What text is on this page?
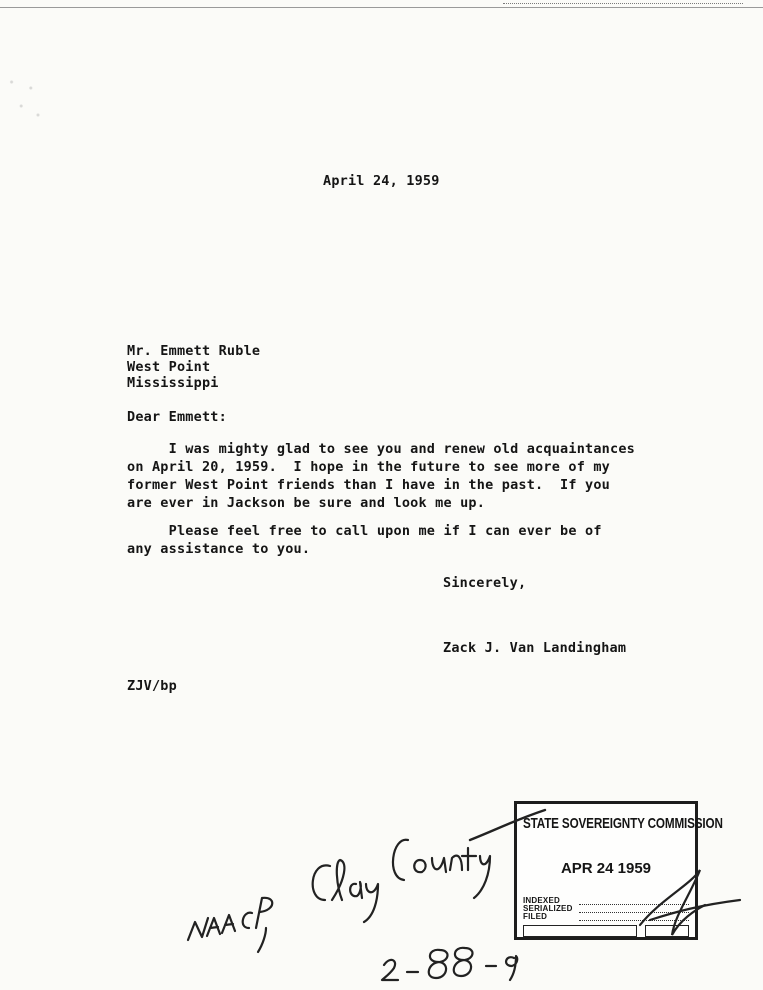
April 24, 1959
Mr. Emmett Ruble
West Point
Mississippi
Dear Emmett:
I was mighty glad to see you and renew old acquaintances
on April 20, 1959.  I hope in the future to see more of my
former West Point friends than I have in the past.  If you
are ever in Jackson be sure and look me up.
Please feel free to call upon me if I can ever be of
any assistance to you.
Sincerely,
Zack J. Van Landingham
ZJV/bp
STATE SOVEREIGNTY COMMISSION
APR 24 1959
INDEXED
SERIALIZED
FILED
NAACP, Clay County
2-88-9
